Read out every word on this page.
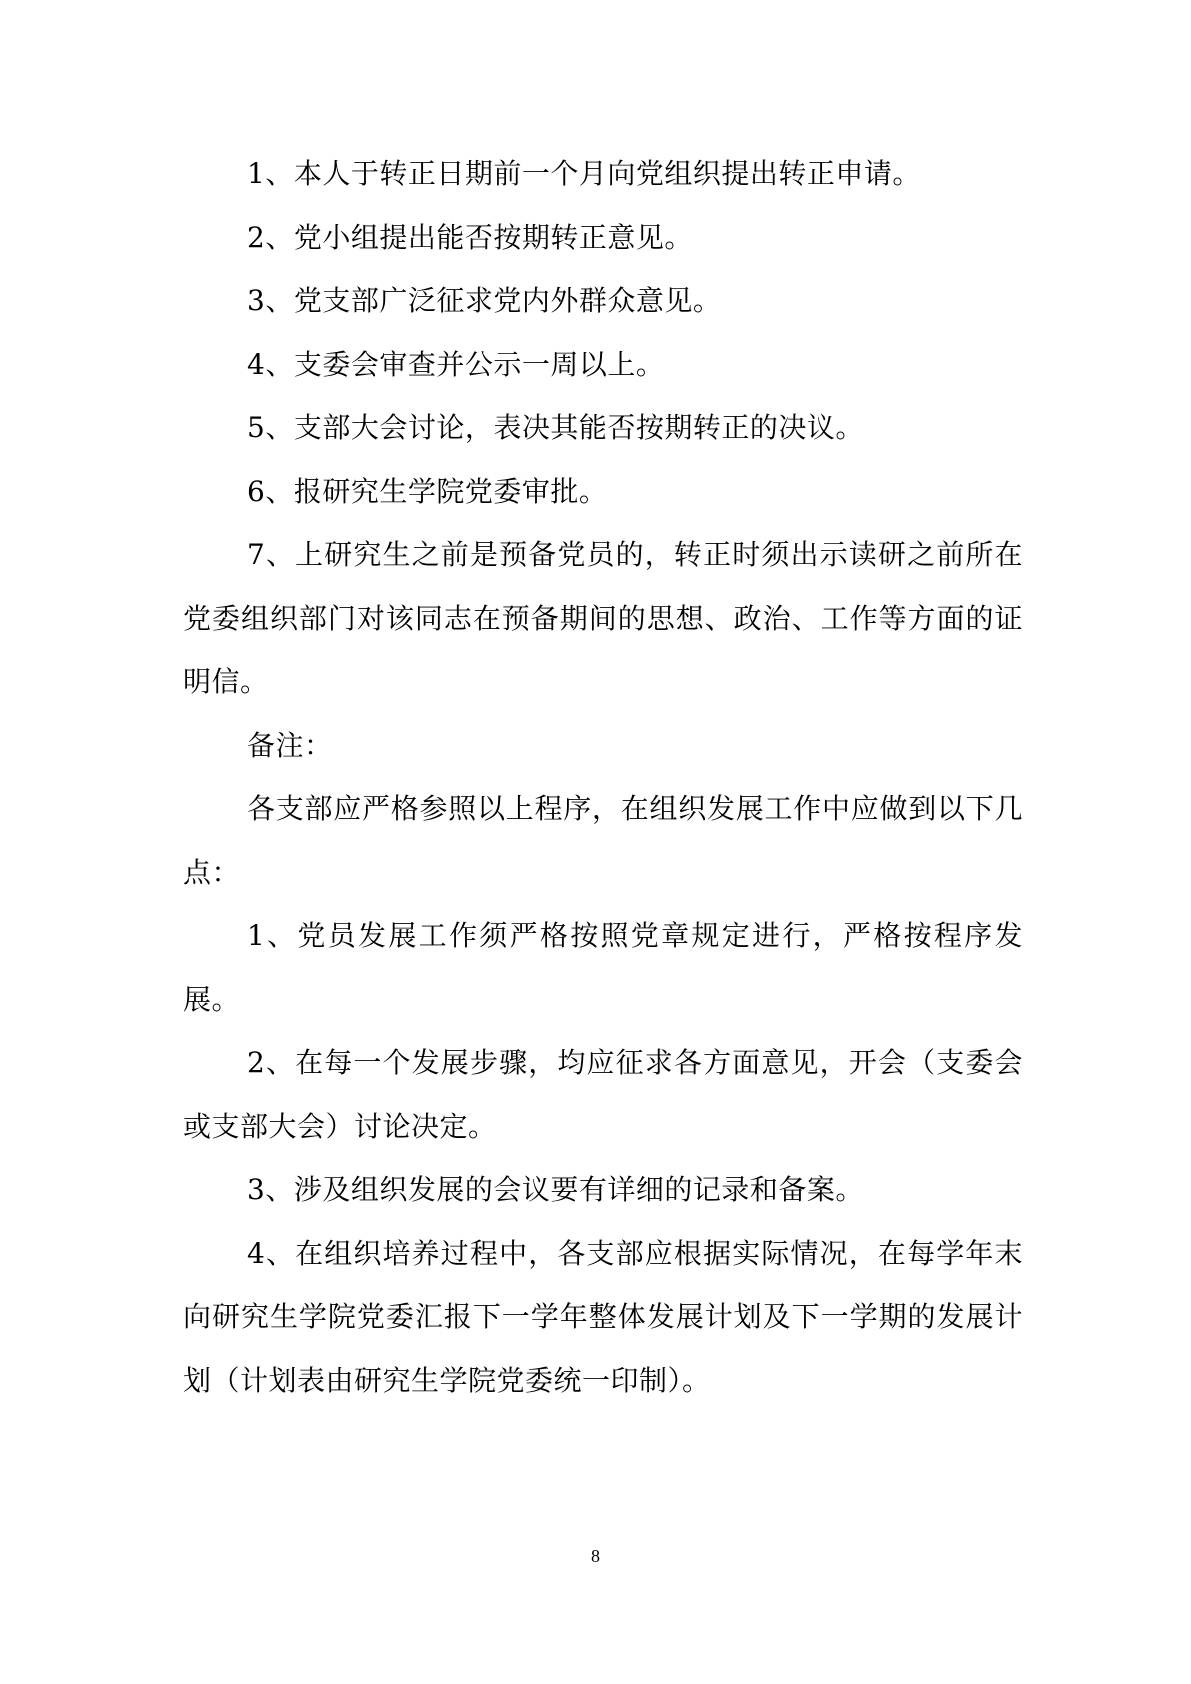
1、本人于转正日期前一个月向党组织提出转正申请。

2、党小组提出能否按期转正意见。

3、党支部广泛征求党内外群众意见。

4、支委会审查并公示一周以上。

5、支部大会讨论，表决其能否按期转正的决议。

6、报研究生学院党委审批。

7、上研究生之前是预备党员的，转正时须出示读研之前所在党委组织部门对该同志在预备期间的思想、政治、工作等方面的证明信。

备注：

各支部应严格参照以上程序，在组织发展工作中应做到以下几点：

1、党员发展工作须严格按照党章规定进行，严格按程序发展。

2、在每一个发展步骤，均应征求各方面意见，开会（支委会或支部大会）讨论决定。

3、涉及组织发展的会议要有详细的记录和备案。

4、在组织培养过程中，各支部应根据实际情况，在每学年末向研究生学院党委汇报下一学年整体发展计划及下一学期的发展计划（计划表由研究生学院党委统一印制）。

8
